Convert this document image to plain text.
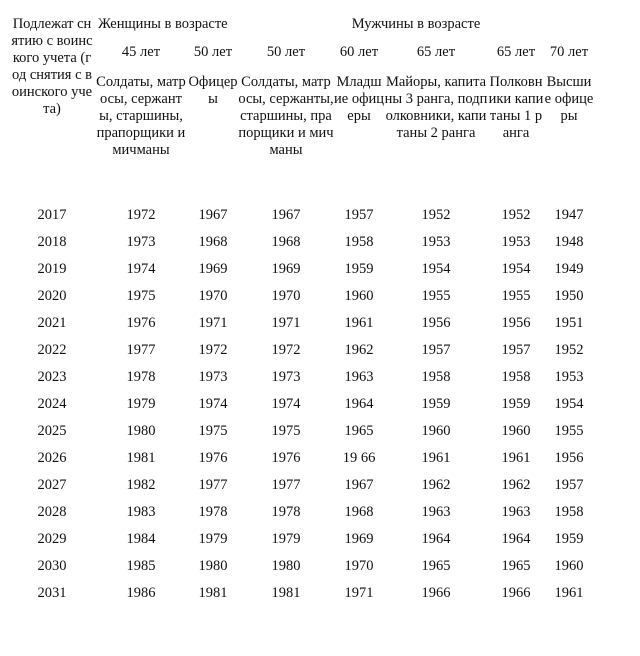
Подлежат снятию с воинского учета (год снятия с воинского учета)	Женщины в возрасте		Мужчины в возрасте				
	45 лет	50 лет	50 лет	60 лет	65 лет	65 лет	70 лет
	Солдаты, матросы, сержанты, старшины, прапорщики и мичманы	Офицеры	Солдаты, матросы, сержанты, старшины, прапорщики и мичманы	Младшие офицеры	Майоры, капитаны 3 ранга, подполковники, капитаны 2 ранга	Полковники капитаны 1 ранга	Высшие офицеры
2017	1972	1967	1967	1957	1952	1952	1947
2018	1973	1968	1968	1958	1953	1953	1948
2019	1974	1969	1969	1959	1954	1954	1949
2020	1975	1970	1970	1960	1955	1955	1950
2021	1976	1971	1971	1961	1956	1956	1951
2022	1977	1972	1972	1962	1957	1957	1952
2023	1978	1973	1973	1963	1958	1958	1953
2024	1979	1974	1974	1964	1959	1959	1954
2025	1980	1975	1975	1965	1960	1960	1955
2026	1981	1976	1976	19 66	1961	1961	1956
2027	1982	1977	1977	1967	1962	1962	1957
2028	1983	1978	1978	1968	1963	1963	1958
2029	1984	1979	1979	1969	1964	1964	1959
2030	1985	1980	1980	1970	1965	1965	1960
2031	1986	1981	1981	1971	1966	1966	1961
